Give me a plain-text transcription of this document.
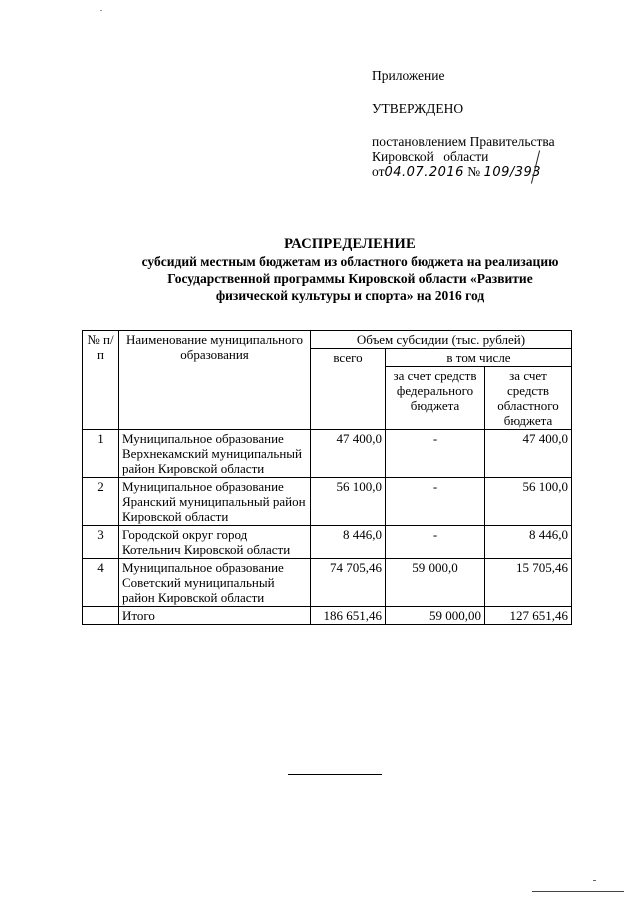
Приложение
УТВЕРЖДЕНО
постановлением Правительства
Кировской области
от04.07.2016 № 109/393
РАСПРЕДЕЛЕНИЕ
субсидий местным бюджетам из областного бюджета на реализацию
Государственной программы Кировской области «Развитие
физической культуры и спорта» на 2016 год
№ п/п	Наименование муниципального образования	Объем субсидии (тыс. рублей)		
		всего	в том числе	
			за счет средств федерального бюджета	за счет средств областного бюджета
1	Муниципальное образование Верхнекамский муниципальный район Кировской области	47 400,0	-	47 400,0
2	Муниципальное образование Яранский муниципальный район Кировской области	56 100,0	-	56 100,0
3	Городской округ город Котельнич Кировской области	8 446,0	-	8 446,0
4	Муниципальное образование Советский муниципальный район Кировской области	74 705,46	59 000,0	15 705,46
	Итого	186 651,46	59 000,00	127 651,46
